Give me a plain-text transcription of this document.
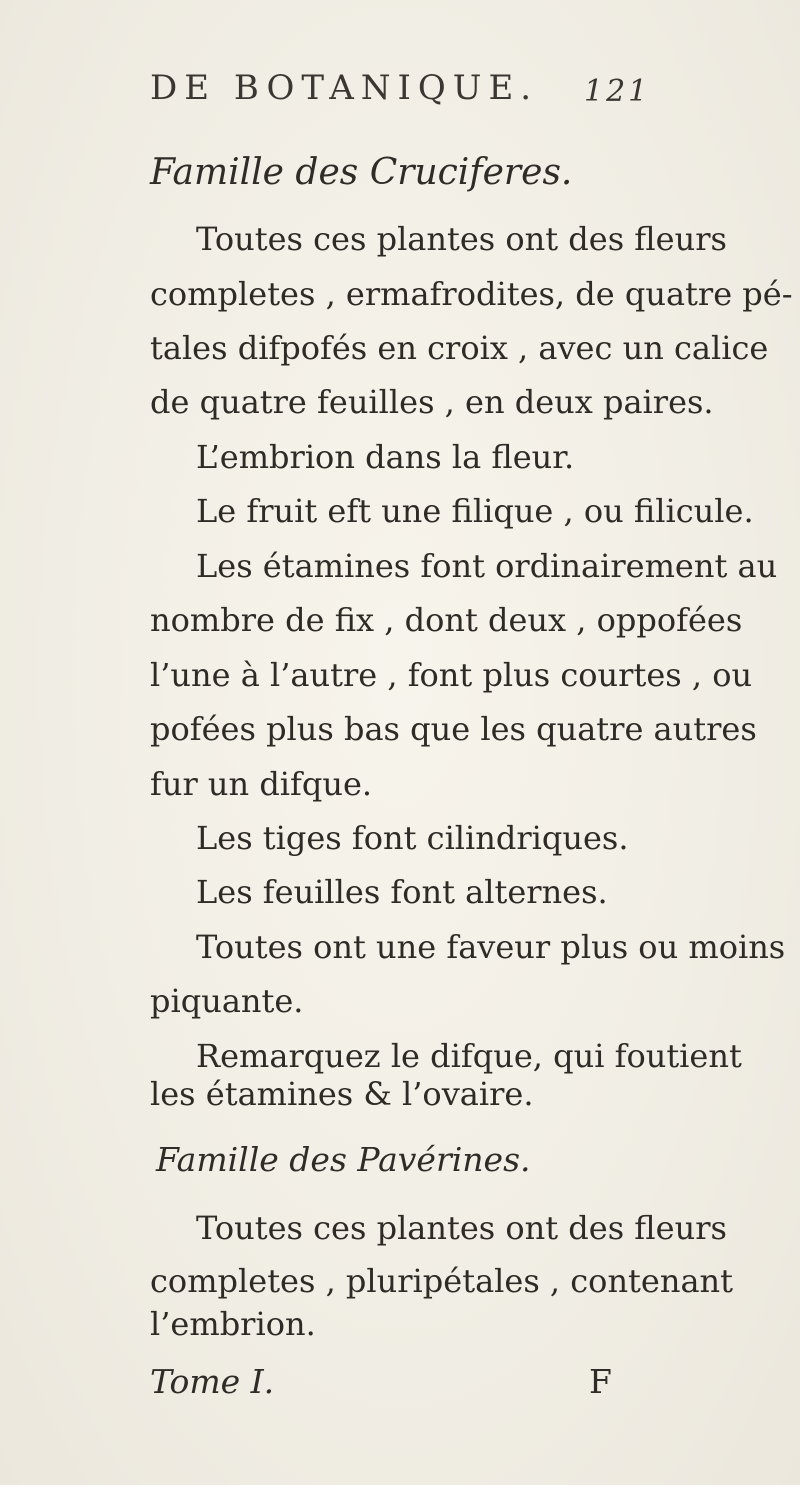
DE BOTANIQUE. 121
Famille des Cruciferes.
Toutes ces plantes ont des fleurs
completes , ermafrodites, de quatre pé-
tales difpofés en croix , avec un calice
de quatre feuilles , en deux paires.
L’embrion dans la fleur.
Le fruit eft une filique , ou filicule.
Les étamines font ordinairement au
nombre de fix , dont deux , oppofées
l’une à l’autre , font plus courtes , ou
pofées plus bas que les quatre autres
fur un difque.
Les tiges font cilindriques.
Les feuilles font alternes.
Toutes ont une faveur plus ou moins
piquante.
Remarquez le difque, qui foutient
les étamines & l’ovaire.
Famille des Pavérines.
Toutes ces plantes ont des fleurs
completes , pluripétales , contenant
l’embrion.
Tome I.	F
